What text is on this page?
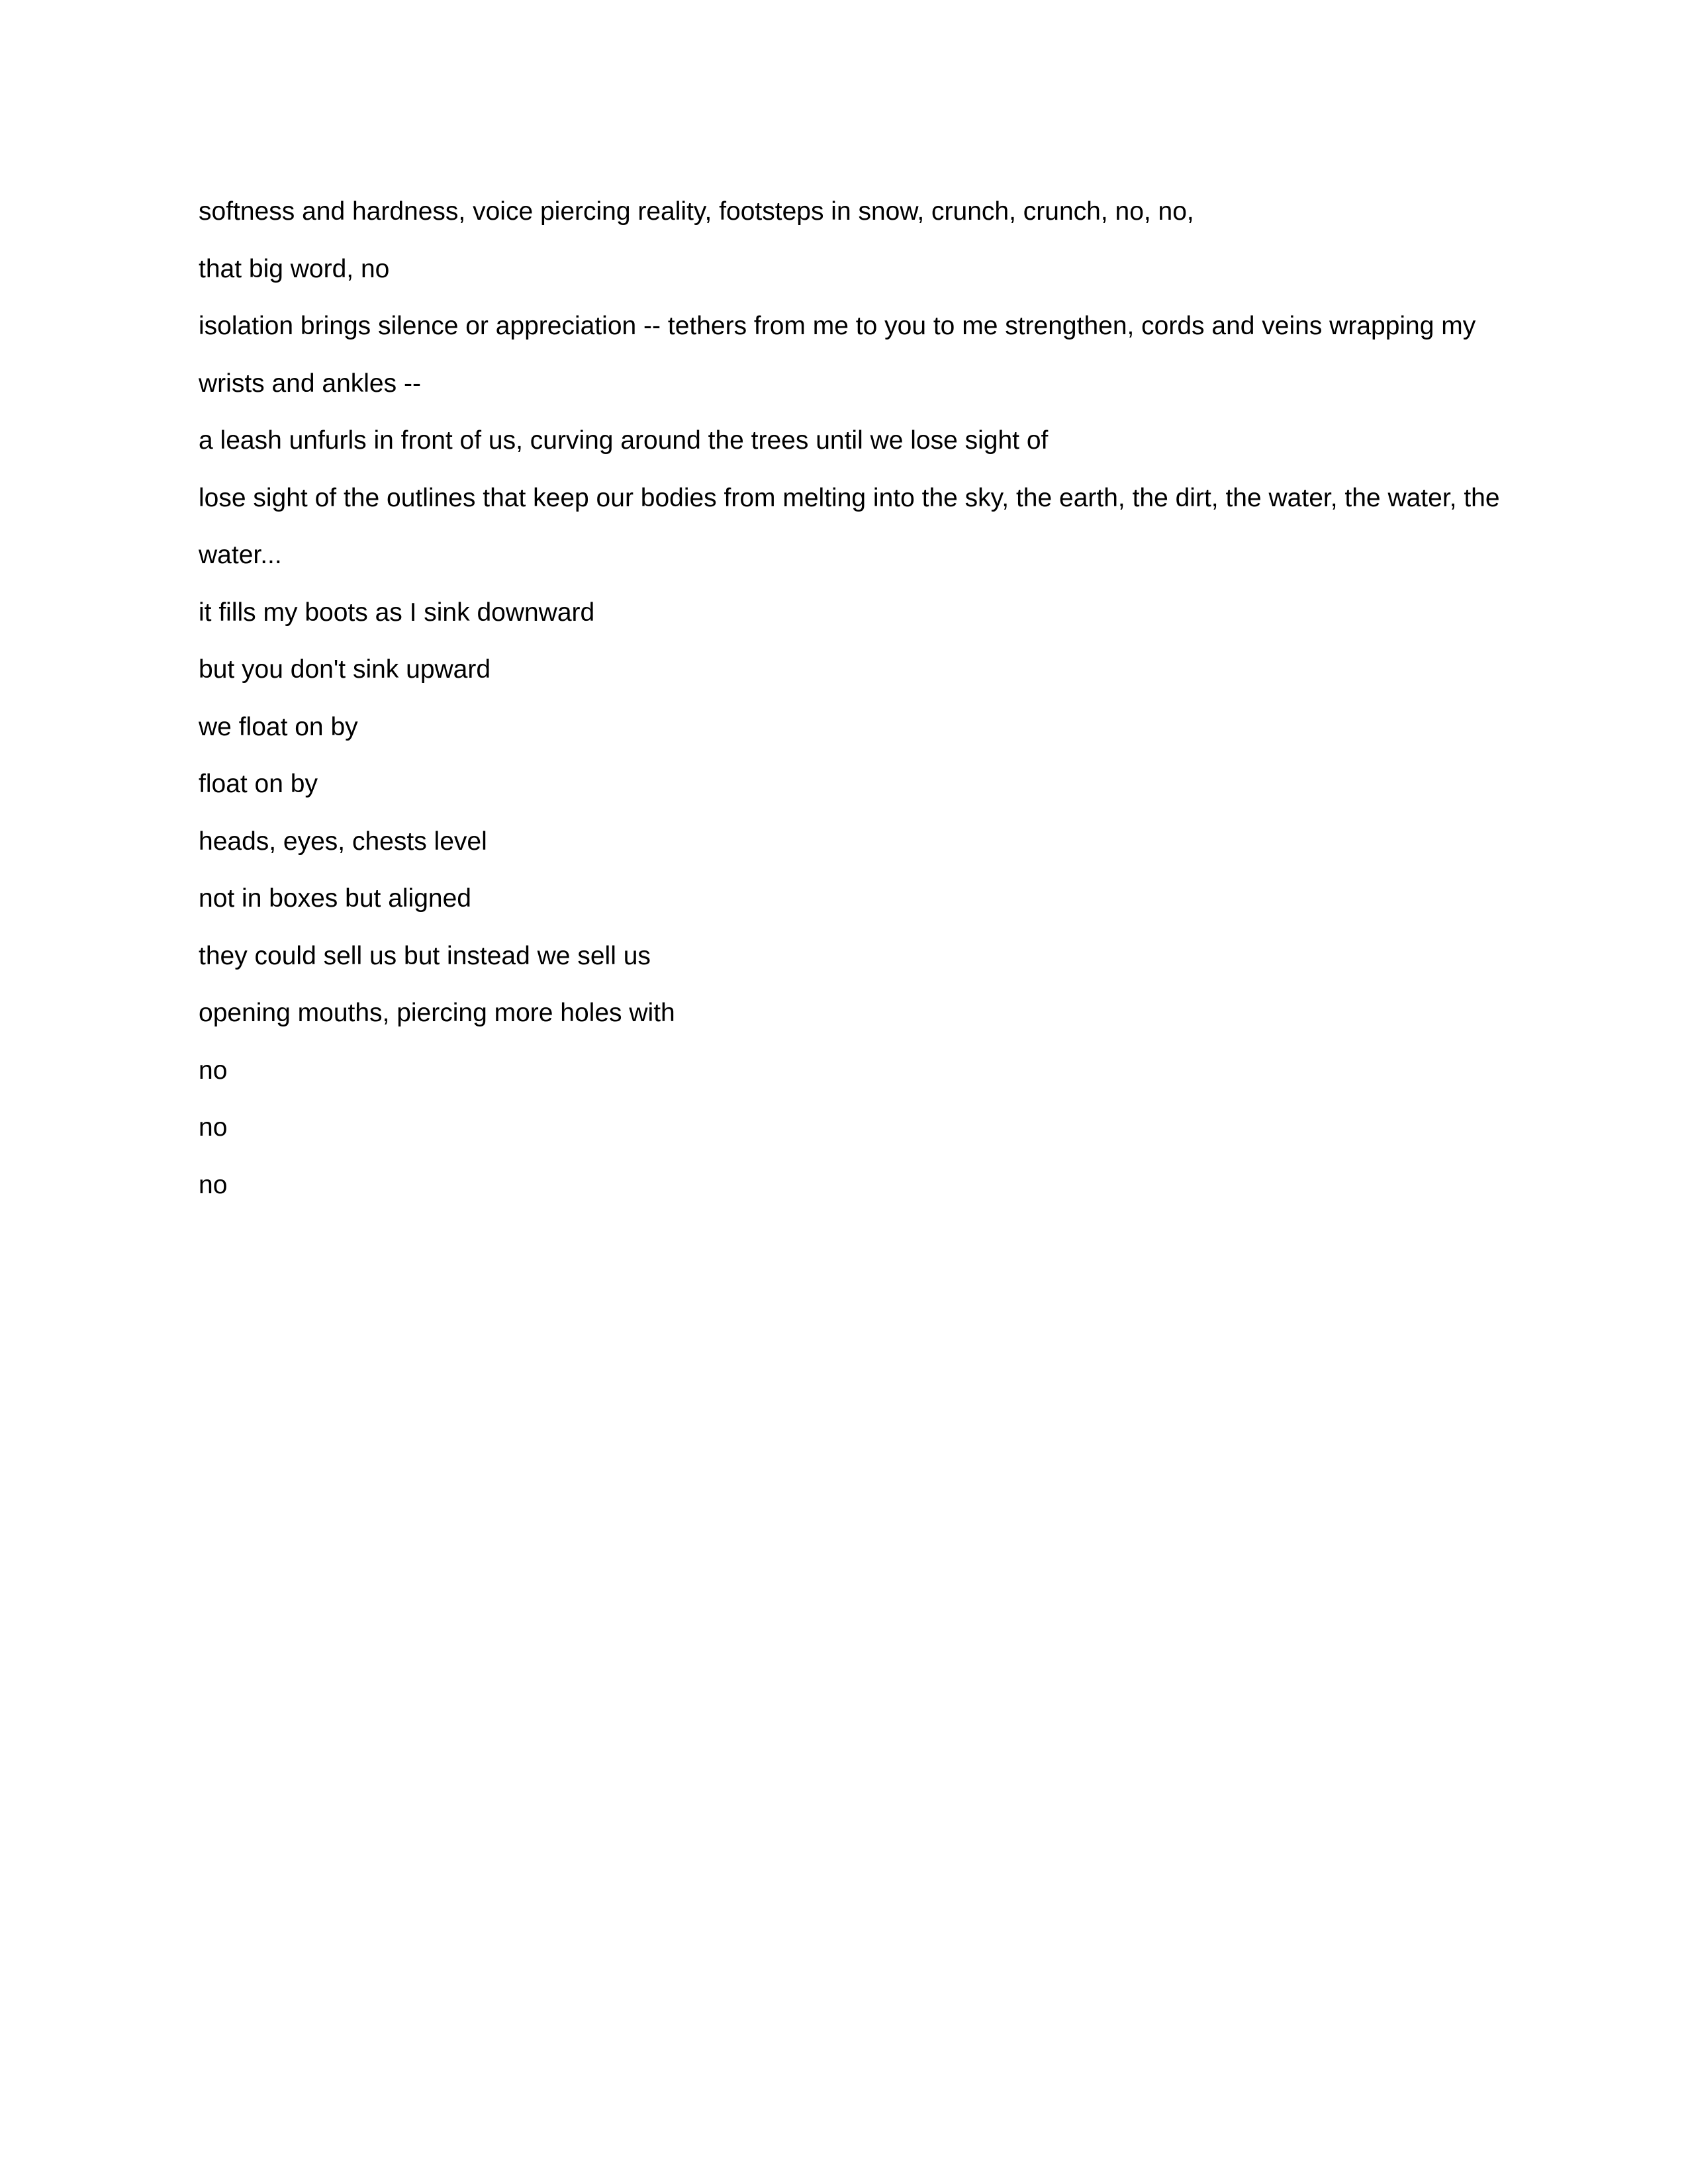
softness and hardness, voice piercing reality, footsteps in snow, crunch, crunch, no, no,
that big word, no
isolation brings silence or appreciation -- tethers from me to you to me strengthen, cords and veins wrapping my
wrists and ankles --
a leash unfurls in front of us, curving around the trees until we lose sight of
lose sight of the outlines that keep our bodies from melting into the sky, the earth, the dirt, the water, the water, the
water...
it fills my boots as I sink downward
but you don't sink upward
we float on by
float on by
heads, eyes, chests level
not in boxes but aligned
they could sell us but instead we sell us
opening mouths, piercing more holes with
no
no
no
